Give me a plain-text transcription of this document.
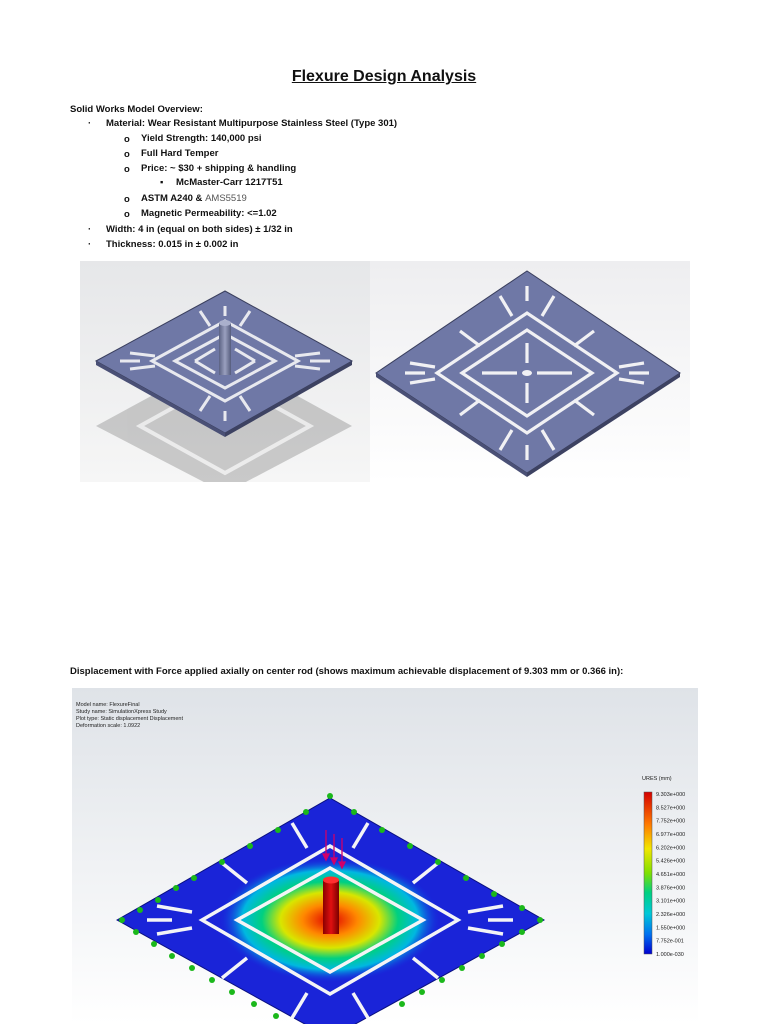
Flexure Design Analysis
Solid Works Model Overview:
· Material: Wear Resistant Multipurpose Stainless Steel (Type 301)
o Yield Strength: 140,000 psi
o Full Hard Temper
o Price: ~ $30 + shipping & handling
▪ McMaster-Carr 1217T51
o ASTM A240 & AMS5519
o Magnetic Permeability: <=1.02
· Width: 4 in (equal on both sides) ± 1/32 in
· Thickness: 0.015 in ± 0.002 in
Displacement with Force applied axially on center rod (shows maximum achievable displacement of 9.303 mm or 0.366 in):
Model name: FlexureFinal
Study name: SimulationXpress Study
Plot type: Static displacement Displacement
Deformation scale: 1.0922
URES (mm)
9.303e+000
8.527e+000
7.752e+000
6.977e+000
6.202e+000
5.426e+000
4.651e+000
3.876e+000
3.101e+000
2.326e+000
1.550e+000
7.752e-001
1.000e-030
